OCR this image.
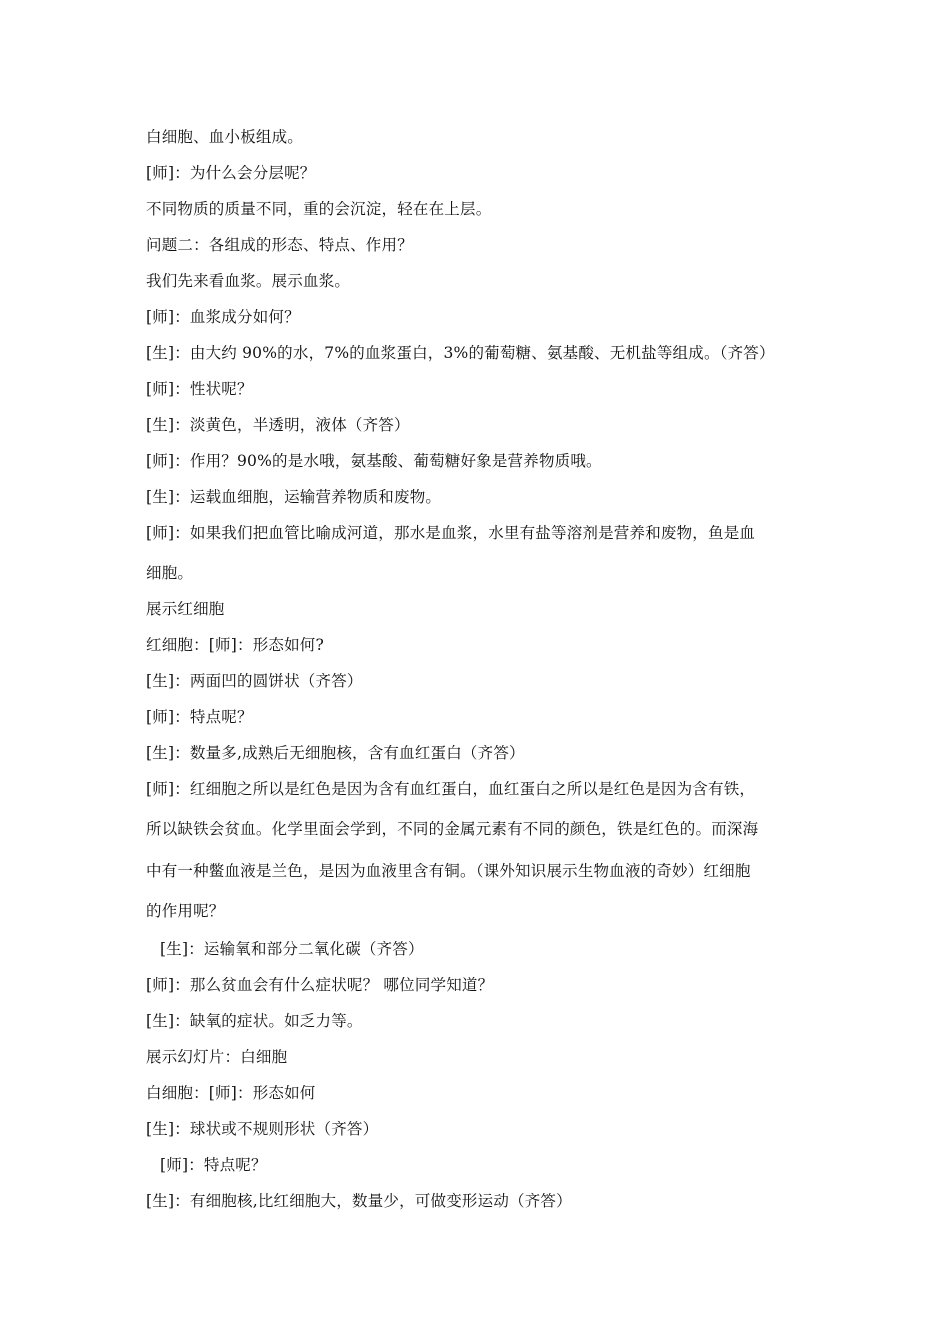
白细胞、血小板组成。
[师]：为什么会分层呢？
不同物质的质量不同，重的会沉淀，轻在在上层。
问题二：各组成的形态、特点、作用？
我们先来看血浆。展示血浆。
[师]：血浆成分如何？
[生]：由大约 90%的水，7%的血浆蛋白，3%的葡萄糖、氨基酸、无机盐等组成。（齐答）
[师]：性状呢？
[生]：淡黄色，半透明，液体（齐答）
[师]：作用？90%的是水哦，氨基酸、葡萄糖好象是营养物质哦。
[生]：运载血细胞，运输营养物质和废物。
[师]：如果我们把血管比喻成河道，那水是血浆，水里有盐等溶剂是营养和废物，鱼是血
细胞。
展示红细胞
红细胞：[师]：形态如何?
[生]：两面凹的圆饼状（齐答）
[师]：特点呢？
[生]：数量多,成熟后无细胞核，含有血红蛋白（齐答）
[师]：红细胞之所以是红色是因为含有血红蛋白，血红蛋白之所以是红色是因为含有铁，
所以缺铁会贫血。化学里面会学到，不同的金属元素有不同的颜色，铁是红色的。而深海
中有一种鳖血液是兰色，是因为血液里含有铜。（课外知识展示生物血液的奇妙）红细胞
的作用呢？
[生]：运输氧和部分二氧化碳（齐答）
[师]：那么贫血会有什么症状呢？ 哪位同学知道？
[生]：缺氧的症状。如乏力等。
展示幻灯片：白细胞
白细胞：[师]：形态如何
[生]：球状或不规则形状（齐答）
[师]：特点呢？
[生]：有细胞核,比红细胞大，数量少，可做变形运动（齐答）
